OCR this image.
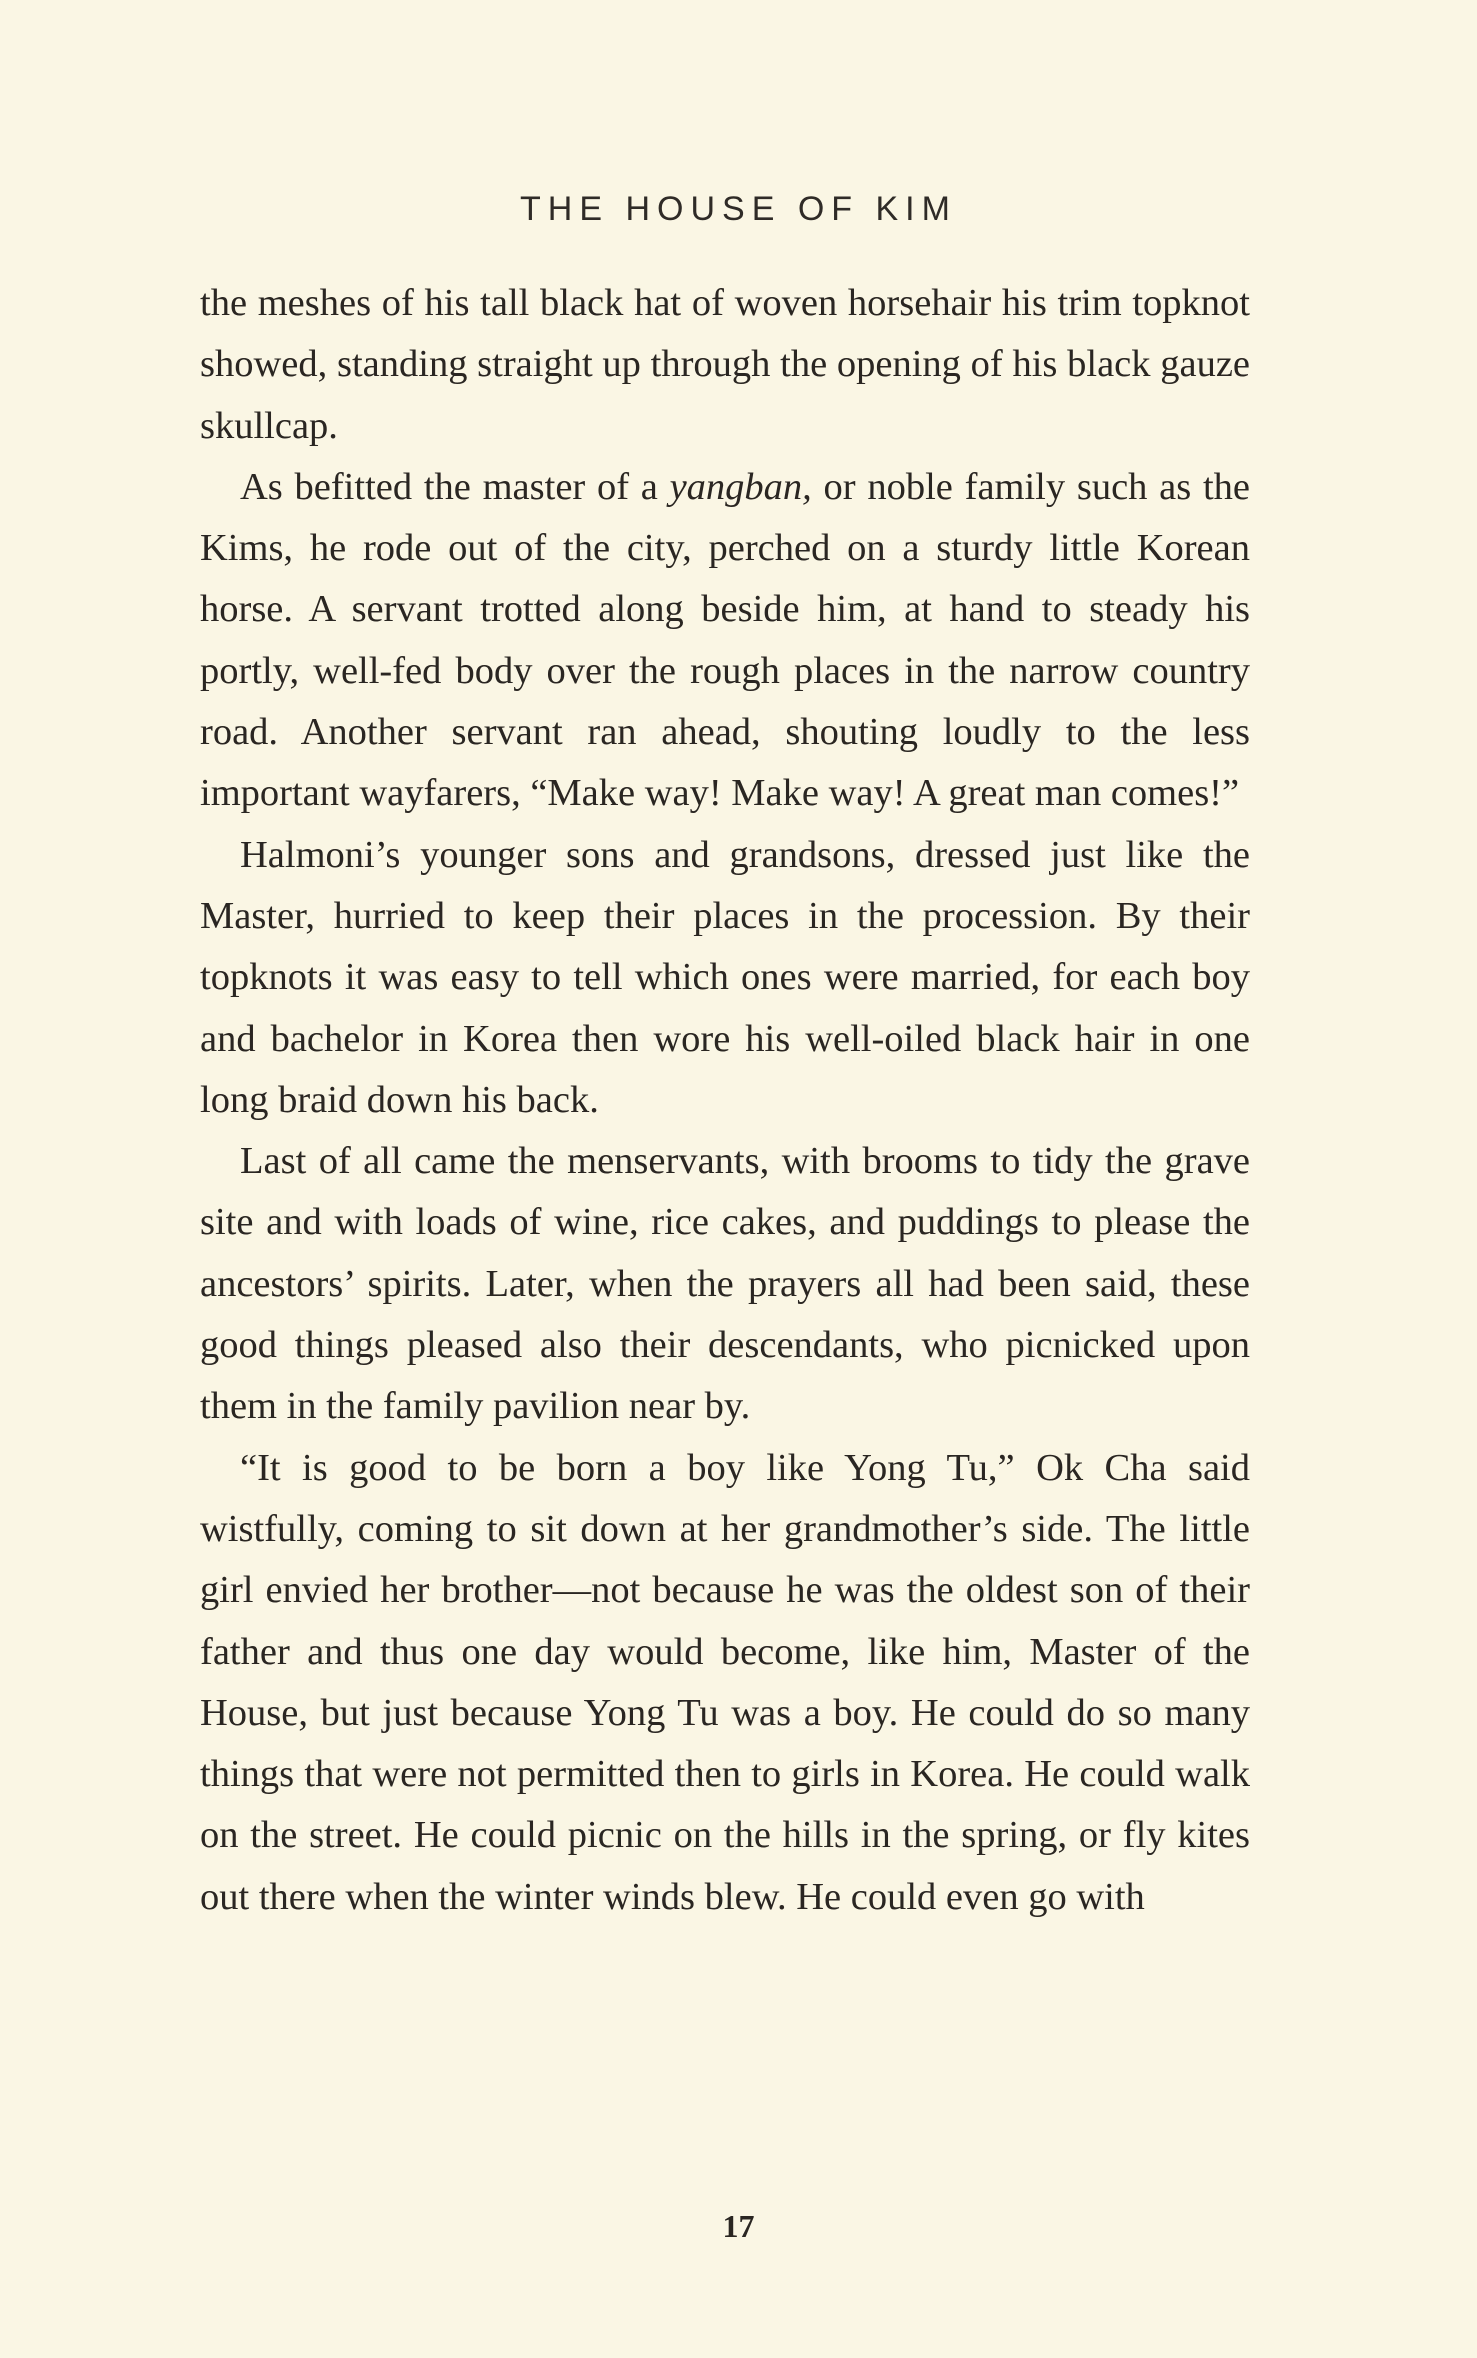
THE HOUSE OF KIM

the meshes of his tall black hat of woven horsehair his trim topknot showed, standing straight up through the opening of his black gauze skullcap.

As befitted the master of a yangban, or noble family such as the Kims, he rode out of the city, perched on a sturdy little Korean horse. A servant trotted along beside him, at hand to steady his portly, well-fed body over the rough places in the narrow country road. Another servant ran ahead, shouting loudly to the less important wayfarers, “Make way! Make way! A great man comes!”

Halmoni’s younger sons and grandsons, dressed just like the Master, hurried to keep their places in the procession. By their topknots it was easy to tell which ones were married, for each boy and bachelor in Korea then wore his well-oiled black hair in one long braid down his back.

Last of all came the menservants, with brooms to tidy the grave site and with loads of wine, rice cakes, and puddings to please the ancestors’ spirits. Later, when the prayers all had been said, these good things pleased also their descendants, who picnicked upon them in the family pavilion near by.

“It is good to be born a boy like Yong Tu,” Ok Cha said wistfully, coming to sit down at her grandmother’s side. The little girl envied her brother—not because he was the oldest son of their father and thus one day would become, like him, Master of the House, but just because Yong Tu was a boy. He could do so many things that were not permitted then to girls in Korea. He could walk on the street. He could picnic on the hills in the spring, or fly kites out there when the winter winds blew. He could even go with

17
